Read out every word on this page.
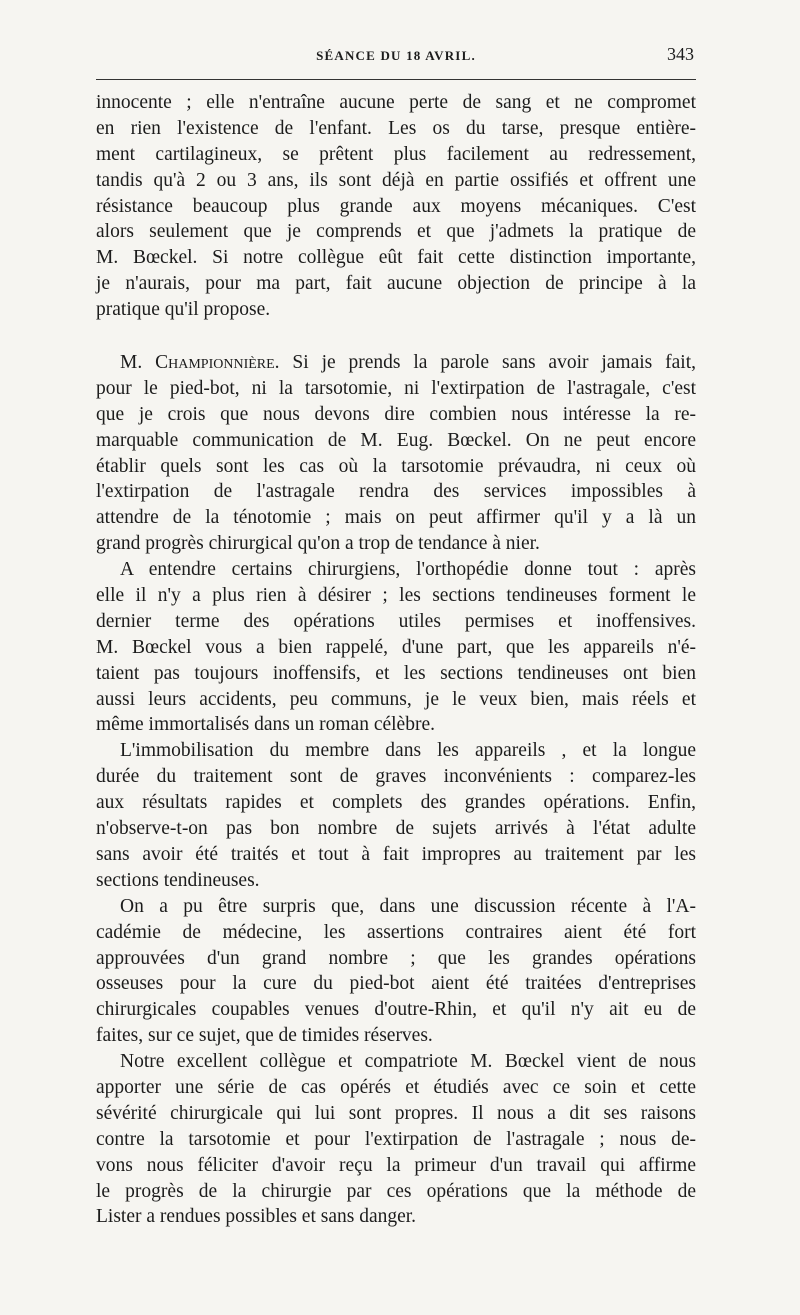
SÉANCE DU 18 AVRIL.	343
innocente ; elle n'entraîne aucune perte de sang et ne compromet
en rien l'existence de l'enfant. Les os du tarse, presque entière-
ment cartilagineux, se prêtent plus facilement au redressement,
tandis qu'à 2 ou 3 ans, ils sont déjà en partie ossifiés et offrent une
résistance beaucoup plus grande aux moyens mécaniques. C'est
alors seulement que je comprends et que j'admets la pratique de
M. Bœckel. Si notre collègue eût fait cette distinction importante,
je n'aurais, pour ma part, fait aucune objection de principe à la
pratique qu'il propose.
M. Championnière. Si je prends la parole sans avoir jamais fait,
pour le pied-bot, ni la tarsotomie, ni l'extirpation de l'astragale, c'est
que je crois que nous devons dire combien nous intéresse la re-
marquable communication de M. Eug. Bœckel. On ne peut encore
établir quels sont les cas où la tarsotomie prévaudra, ni ceux où
l'extirpation de l'astragale rendra des services impossibles à
attendre de la ténotomie ; mais on peut affirmer qu'il y a là un
grand progrès chirurgical qu'on a trop de tendance à nier.
A entendre certains chirurgiens, l'orthopédie donne tout : après
elle il n'y a plus rien à désirer ; les sections tendineuses forment le
dernier terme des opérations utiles permises et inoffensives.
M. Bœckel vous a bien rappelé, d'une part, que les appareils n'é-
taient pas toujours inoffensifs, et les sections tendineuses ont bien
aussi leurs accidents, peu communs, je le veux bien, mais réels et
même immortalisés dans un roman célèbre.
L'immobilisation du membre dans les appareils , et la longue
durée du traitement sont de graves inconvénients : comparez-les
aux résultats rapides et complets des grandes opérations. Enfin,
n'observe-t-on pas bon nombre de sujets arrivés à l'état adulte
sans avoir été traités et tout à fait impropres au traitement par les
sections tendineuses.
On a pu être surpris que, dans une discussion récente à l'A-
cadémie de médecine, les assertions contraires aient été fort
approuvées d'un grand nombre ; que les grandes opérations
osseuses pour la cure du pied-bot aient été traitées d'entreprises
chirurgicales coupables venues d'outre-Rhin, et qu'il n'y ait eu de
faites, sur ce sujet, que de timides réserves.
Notre excellent collègue et compatriote M. Bœckel vient de nous
apporter une série de cas opérés et étudiés avec ce soin et cette
sévérité chirurgicale qui lui sont propres. Il nous a dit ses raisons
contre la tarsotomie et pour l'extirpation de l'astragale ; nous de-
vons nous féliciter d'avoir reçu la primeur d'un travail qui affirme
le progrès de la chirurgie par ces opérations que la méthode de
Lister a rendues possibles et sans danger.
